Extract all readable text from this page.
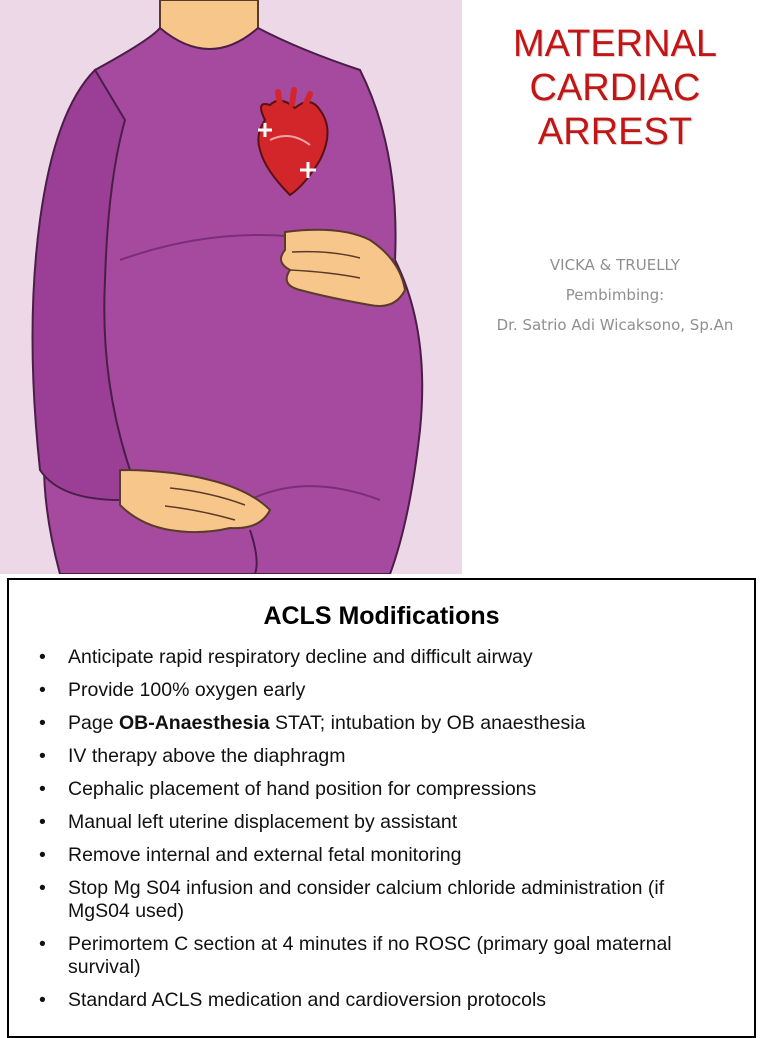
MATERNAL
CARDIAC
ARREST
VICKA & TRUELLY
Pembimbing:
Dr. Satrio Adi Wicaksono, Sp.An
ACLS Modifications
• Anticipate rapid respiratory decline and difficult airway
• Provide 100% oxygen early
• Page OB-Anaesthesia STAT; intubation by OB anaesthesia
• IV therapy above the diaphragm
• Cephalic placement of hand position for compressions
• Manual left uterine displacement by assistant
• Remove internal and external fetal monitoring
• Stop Mg S04 infusion and consider calcium chloride administration (if MgS04 used)
• Perimortem C section at 4 minutes if no ROSC (primary goal maternal survival)
• Standard ACLS medication and cardioversion protocols
